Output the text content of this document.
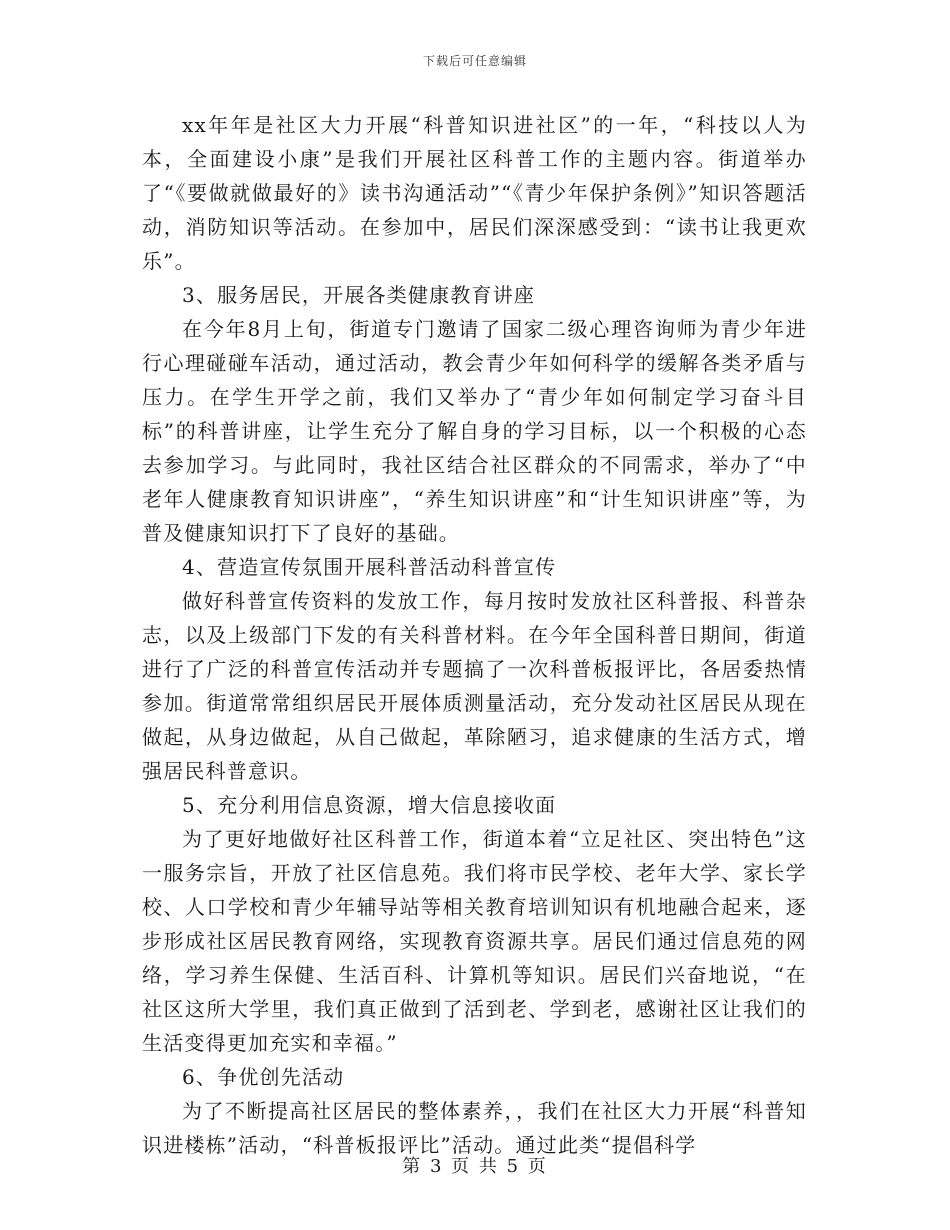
下载后可任意编辑

xx年年是社区大力开展“科普知识进社区”的一年，“科技以人为本，全面建设小康”是我们开展社区科普工作的主题内容。街道举办了“《要做就做最好的》读书沟通活动”“《青少年保护条例》”知识答题活动，消防知识等活动。在参加中，居民们深深感受到：“读书让我更欢乐”。

3、服务居民，开展各类健康教育讲座

在今年8月上旬，街道专门邀请了国家二级心理咨询师为青少年进行心理碰碰车活动，通过活动，教会青少年如何科学的缓解各类矛盾与压力。在学生开学之前，我们又举办了“青少年如何制定学习奋斗目标”的科普讲座，让学生充分了解自身的学习目标，以一个积极的心态去参加学习。与此同时，我社区结合社区群众的不同需求，举办了“中老年人健康教育知识讲座”，“养生知识讲座”和“计生知识讲座”等，为普及健康知识打下了良好的基础。

4、营造宣传氛围开展科普活动科普宣传

做好科普宣传资料的发放工作，每月按时发放社区科普报、科普杂志，以及上级部门下发的有关科普材料。在今年全国科普日期间，街道进行了广泛的科普宣传活动并专题搞了一次科普板报评比，各居委热情参加。街道常常组织居民开展体质测量活动，充分发动社区居民从现在做起，从身边做起，从自己做起，革除陋习，追求健康的生活方式，增强居民科普意识。

5、充分利用信息资源，增大信息接收面

为了更好地做好社区科普工作，街道本着“立足社区、突出特色”这一服务宗旨，开放了社区信息苑。我们将市民学校、老年大学、家长学校、人口学校和青少年辅导站等相关教育培训知识有机地融合起来，逐步形成社区居民教育网络，实现教育资源共享。居民们通过信息苑的网络，学习养生保健、生活百科、计算机等知识。居民们兴奋地说，“在社区这所大学里，我们真正做到了活到老、学到老，感谢社区让我们的生活变得更加充实和幸福。”

6、争优创先活动

为了不断提高社区居民的整体素养，，我们在社区大力开展“科普知识进楼栋”活动，“科普板报评比”活动。通过此类“提倡科学

第 3 页 共 5 页
